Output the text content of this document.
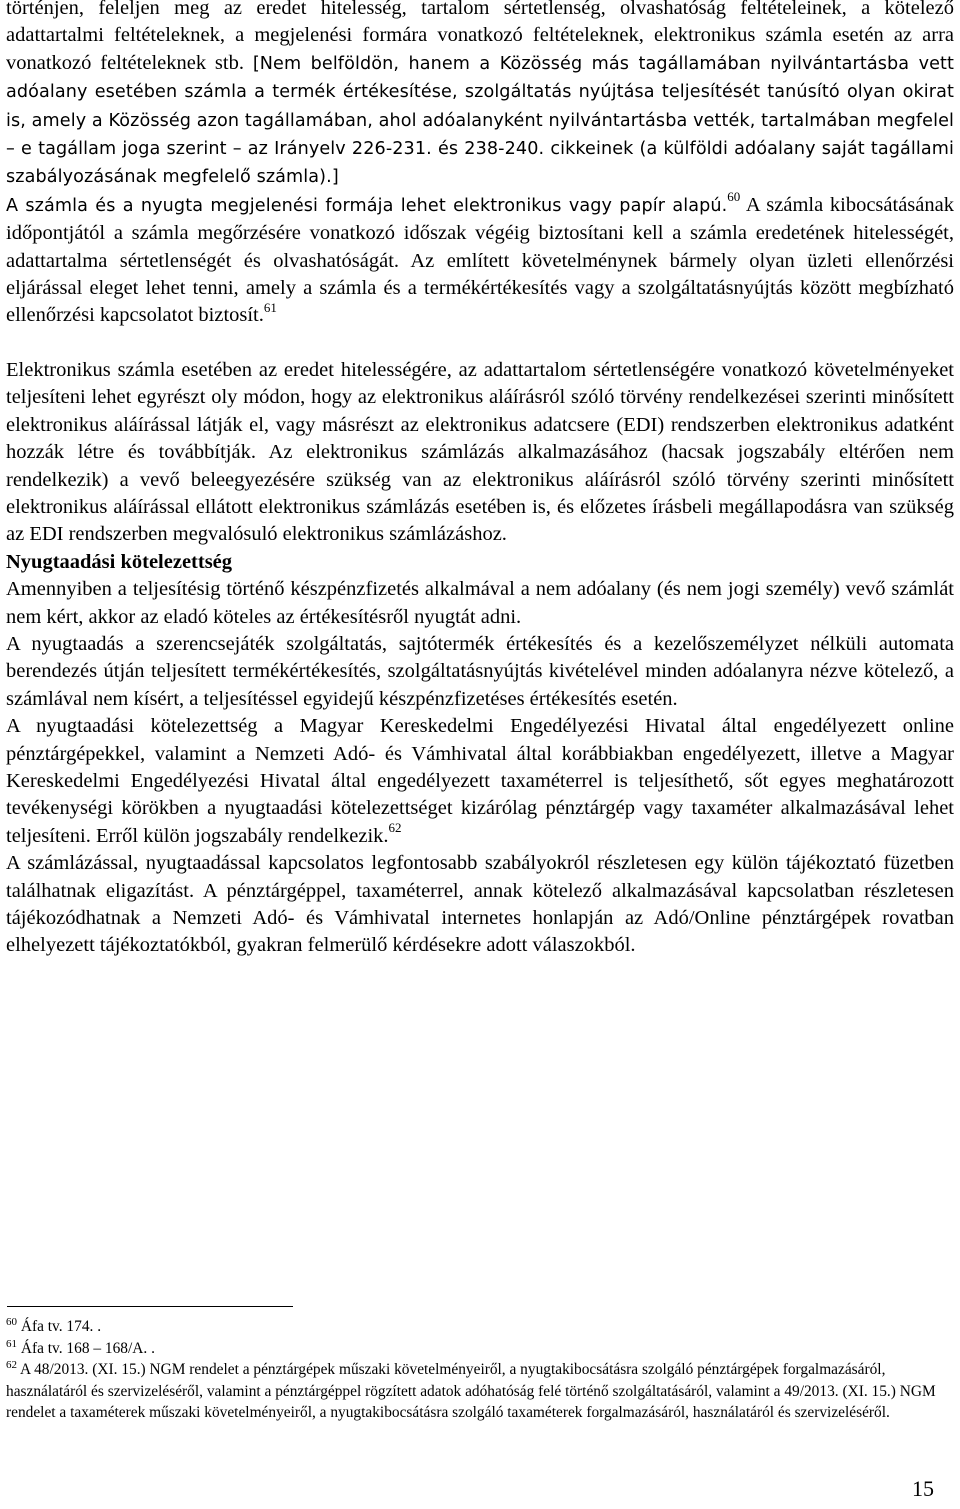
történjen, feleljen meg az eredet hitelesség, tartalom sértetlenség, olvashatóság feltételeinek, a kötelező adattartalmi feltételeknek, a megjelenési formára vonatkozó feltételeknek, elektronikus számla esetén az arra vonatkozó feltételeknek stb. [Nem belföldön, hanem a Közösség más tagállamában nyilvántartásba vett adóalany esetében számla a termék értékesítése, szolgáltatás nyújtása teljesítését tanúsító olyan okirat is, amely a Közösség azon tagállamában, ahol adóalanyként nyilvántartásba vették, tartalmában megfelel – e tagállam joga szerint – az Irányelv 226-231. és 238-240. cikkeinek (a külföldi adóalany saját tagállami szabályozásának megfelelő számla).]

A számla és a nyugta megjelenési formája lehet elektronikus vagy papír alapú.$^{60}$ A számla kibocsátásának időpontjától a számla megőrzésére vonatkozó időszak végéig biztosítani kell a számla eredetének hitelességét, adattartalma sértetlenségét és olvashatóságát. Az említett követelménynek bármely olyan üzleti ellenőrzési eljárással eleget lehet tenni, amely a számla és a termékértékesítés vagy a szolgáltatásnyújtás között megbízható ellenőrzési kapcsolatot biztosít.$^{61}$

Elektronikus számla esetében az eredet hitelességére, az adattartalom sértetlenségére vonatkozó követelményeket teljesíteni lehet egyrészt oly módon, hogy az elektronikus aláírásról szóló törvény rendelkezései szerinti minősített elektronikus aláírással látják el, vagy másrészt az elektronikus adatcsere (EDI) rendszerben elektronikus adatként hozzák létre és továbbítják. Az elektronikus számlázás alkalmazásához (hacsak jogszabály eltérően nem rendelkezik) a vevő beleegyezésére szükség van az elektronikus aláírásról szóló törvény szerinti minősített elektronikus aláírással ellátott elektronikus számlázás esetében is, és előzetes írásbeli megállapodásra van szükség az EDI rendszerben megvalósuló elektronikus számlázáshoz.

Nyugtaadási kötelezettség

Amennyiben a teljesítésig történő készpénzfizetés alkalmával a nem adóalany (és nem jogi személy) vevő számlát nem kért, akkor az eladó köteles az értékesítésről nyugtát adni.

A nyugtaadás a szerencsejáték szolgáltatás, sajtótermék értékesítés és a kezelőszemélyzet nélküli automata berendezés útján teljesített termékértékesítés, szolgáltatásnyújtás kivételével minden adóalanyra nézve kötelező, a számlával nem kísért, a teljesítéssel egyidejű készpénzfizetéses értékesítés esetén.

A nyugtaadási kötelezettség a Magyar Kereskedelmi Engedélyezési Hivatal által engedélyezett online pénztárgépekkel, valamint a Nemzeti Adó- és Vámhivatal által korábbiakban engedélyezett, illetve a Magyar Kereskedelmi Engedélyezési Hivatal által engedélyezett taxaméterrel is teljesíthető, sőt egyes meghatározott tevékenységi körökben a nyugtaadási kötelezettséget kizárólag pénztárgép vagy taxaméter alkalmazásával lehet teljesíteni. Erről külön jogszabály rendelkezik.$^{62}$

A számlázással, nyugtaadással kapcsolatos legfontosabb szabályokról részletesen egy külön tájékoztató füzetben találhatnak eligazítást. A pénztárgéppel, taxaméterrel, annak kötelező alkalmazásával kapcsolatban részletesen tájékozódhatnak a Nemzeti Adó- és Vámhivatal internetes honlapján az Adó/Online pénztárgépek rovatban elhelyezett tájékoztatókból, gyakran felmerülő kérdésekre adott válaszokból.

$^{60}$ Áfa tv. 174. .

$^{61}$ Áfa tv. 168 – 168/A. .

$^{62}$ A 48/2013. (XI. 15.) NGM rendelet a pénztárgépek műszaki követelményeiről, a nyugtakibocsátásra szolgáló pénztárgépek forgalmazásáról, használatáról és szervizeléséről, valamint a pénztárgéppel rögzített adatok adóhatóság felé történő szolgáltatásáról, valamint a 49/2013. (XI. 15.) NGM rendelet a taxaméterek műszaki követelményeiről, a nyugtakibocsátásra szolgáló taxaméterek forgalmazásáról, használatáról és szervizeléséről.

15
